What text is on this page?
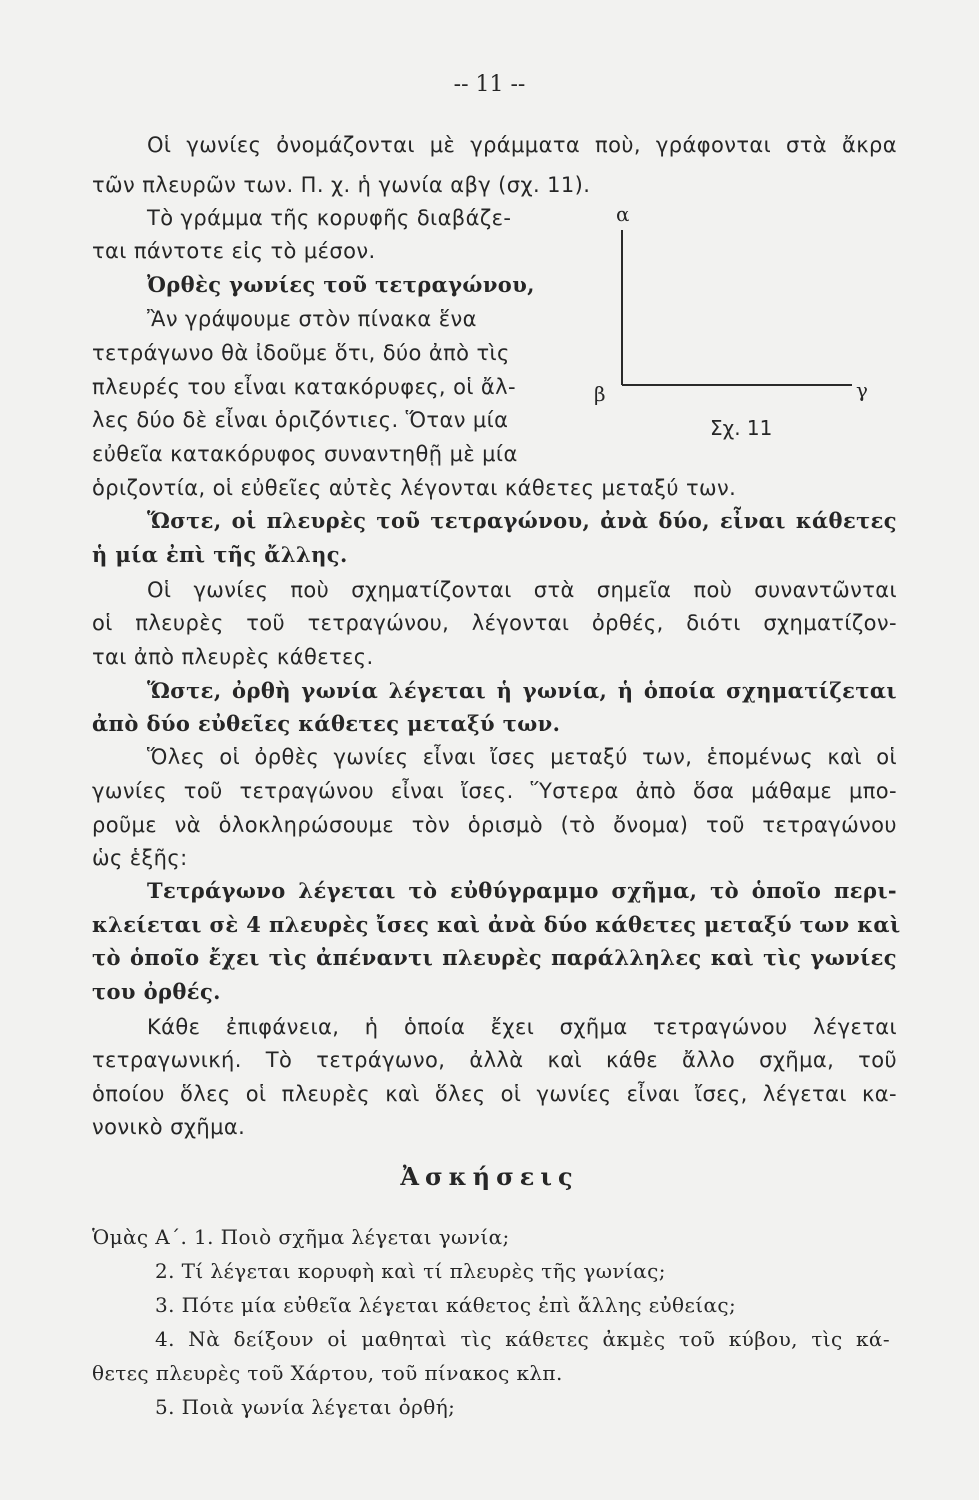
-- 11 --
Οἱ γωνίες ὀνομάζονται μὲ γράμματα ποὺ, γράφονται στὰ ἄκρα
τῶν πλευρῶν των. Π. χ. ἡ γωνία αβγ (σχ. 11).
Τὸ γράμμα τῆς κορυφῆς διαβάζε-
ται πάντοτε εἰς τὸ μέσον.
Ὀρθὲς γωνίες τοῦ τετραγώνου,
Ἂν γράψουμε στὸν πίνακα ἕνα
τετράγωνο θὰ ἰδοῦμε ὅτι, δύο ἀπὸ τὶς
πλευρές του εἶναι κατακόρυφες, οἱ ἄλ-
λες δύο δὲ εἶναι ὁριζόντιες. Ὅταν μία
εὐθεῖα κατακόρυφος συναντηθῇ μὲ μία
ὁριζοντία, οἱ εὐθεῖες αὐτὲς λέγονται κάθετες μεταξύ των.
Ὥστε, οἱ πλευρὲς τοῦ τετραγώνου, ἀνὰ δύο, εἶναι κάθετες
ἡ μία ἐπὶ τῆς ἄλλης.
Οἱ γωνίες ποὺ σχηματίζονται στὰ σημεῖα ποὺ συναντῶνται
οἱ πλευρὲς τοῦ τετραγώνου, λέγονται ὀρθές, διότι σχηματίζον-
ται ἀπὸ πλευρὲς κάθετες.
Ὥστε, ὀρθὴ γωνία λέγεται ἡ γωνία, ἡ ὁποία σχηματίζεται
ἀπὸ δύο εὐθεῖες κάθετες μεταξύ των.
Ὅλες οἱ ὀρθὲς γωνίες εἶναι ἴσες μεταξύ των, ἑπομένως καὶ οἱ
γωνίες τοῦ τετραγώνου εἶναι ἴσες. Ὕστερα ἀπὸ ὅσα μάθαμε μπο-
ροῦμε νὰ ὁλοκληρώσουμε τὸν ὁρισμὸ (τὸ ὄνομα) τοῦ τετραγώνου
ὡς ἑξῆς:
Τετράγωνο λέγεται τὸ εὐθύγραμμο σχῆμα, τὸ ὁποῖο περι-
κλείεται σὲ 4 πλευρὲς ἴσες καὶ ἀνὰ δύο κάθετες μεταξύ των καὶ
τὸ ὁποῖο ἔχει τὶς ἀπέναντι πλευρὲς παράλληλες καὶ τὶς γωνίες
του ὀρθές.
Κάθε ἐπιφάνεια, ἡ ὁποία ἔχει σχῆμα τετραγώνου λέγεται
τετραγωνική. Τὸ τετράγωνο, ἀλλὰ καὶ κάθε ἄλλο σχῆμα, τοῦ
ὁποίου ὅλες οἱ πλευρὲς καὶ ὅλες οἱ γωνίες εἶναι ἴσες, λέγεται κα-
νονικὸ σχῆμα.
Ἀσκήσεις
Ὁμὰς Α΄. 1. Ποιὸ σχῆμα λέγεται γωνία;
2. Τί λέγεται κορυφὴ καὶ τί πλευρὲς τῆς γωνίας;
3. Πότε μία εὐθεῖα λέγεται κάθετος ἐπὶ ἄλλης εὐθείας;
4. Νὰ δείξουν οἱ μαθηταὶ τὶς κάθετες ἀκμὲς τοῦ κύβου, τὶς κά-
θετες πλευρὲς τοῦ Χάρτου, τοῦ πίνακος κλπ.
5. Ποιὰ γωνία λέγεται ὀρθή;
α
β	γ
Σχ. 11
